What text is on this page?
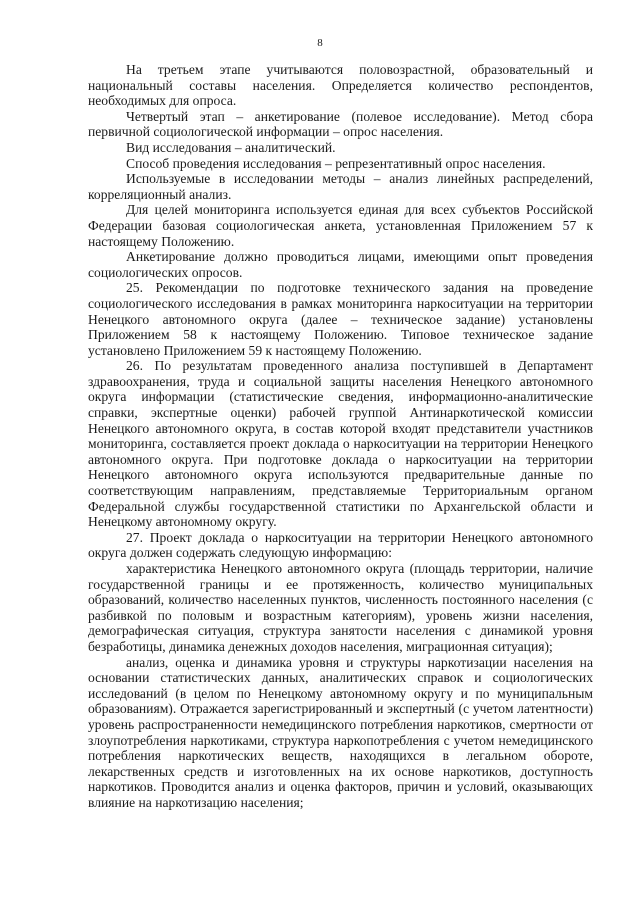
8

На третьем этапе учитываются половозрастной, образовательный и национальный составы населения. Определяется количество респондентов, необходимых для опроса.

Четвертый этап – анкетирование (полевое исследование). Метод сбора первичной социологической информации – опрос населения.

Вид исследования – аналитический.

Способ проведения исследования – репрезентативный опрос населения.

Используемые в исследовании методы – анализ линейных распределений, корреляционный анализ.

Для целей мониторинга используется единая для всех субъектов Российской Федерации базовая социологическая анкета, установленная Приложением 57 к настоящему Положению.

Анкетирование должно проводиться лицами, имеющими опыт проведения социологических опросов.

25. Рекомендации по подготовке технического задания на проведение социологического исследования в рамках мониторинга наркоситуации на территории Ненецкого автономного округа (далее – техническое задание) установлены Приложением 58 к настоящему Положению. Типовое техническое задание установлено Приложением 59 к настоящему Положению.

26. По результатам проведенного анализа поступившей в Департамент здравоохранения, труда и социальной защиты населения Ненецкого автономного округа информации (статистические сведения, информационно-аналитические справки, экспертные оценки) рабочей группой Антинаркотической комиссии Ненецкого автономного округа, в состав которой входят представители участников мониторинга, составляется проект доклада о наркоситуации на территории Ненецкого автономного округа. При подготовке доклада о наркоситуации на территории Ненецкого автономного округа используются предварительные данные по соответствующим направлениям, представляемые Территориальным органом Федеральной службы государственной статистики по Архангельской области и Ненецкому автономному округу.

27. Проект доклада о наркоситуации на территории Ненецкого автономного округа должен содержать следующую информацию:

характеристика Ненецкого автономного округа (площадь территории, наличие государственной границы и ее протяженность, количество муниципальных образований, количество населенных пунктов, численность постоянного населения (с разбивкой по половым и возрастным категориям), уровень жизни населения, демографическая ситуация, структура занятости населения с динамикой уровня безработицы, динамика денежных доходов населения, миграционная ситуация);

анализ, оценка и динамика уровня и структуры наркотизации населения на основании статистических данных, аналитических справок и социологических исследований (в целом по Ненецкому автономному округу и по муниципальным образованиям). Отражается зарегистрированный и экспертный (с учетом латентности) уровень распространенности немедицинского потребления наркотиков, смертности от злоупотребления наркотиками, структура наркопотребления с учетом немедицинского потребления наркотических веществ, находящихся в легальном обороте, лекарственных средств и изготовленных на их основе наркотиков, доступность наркотиков. Проводится анализ и оценка факторов, причин и условий, оказывающих влияние на наркотизацию населения;
